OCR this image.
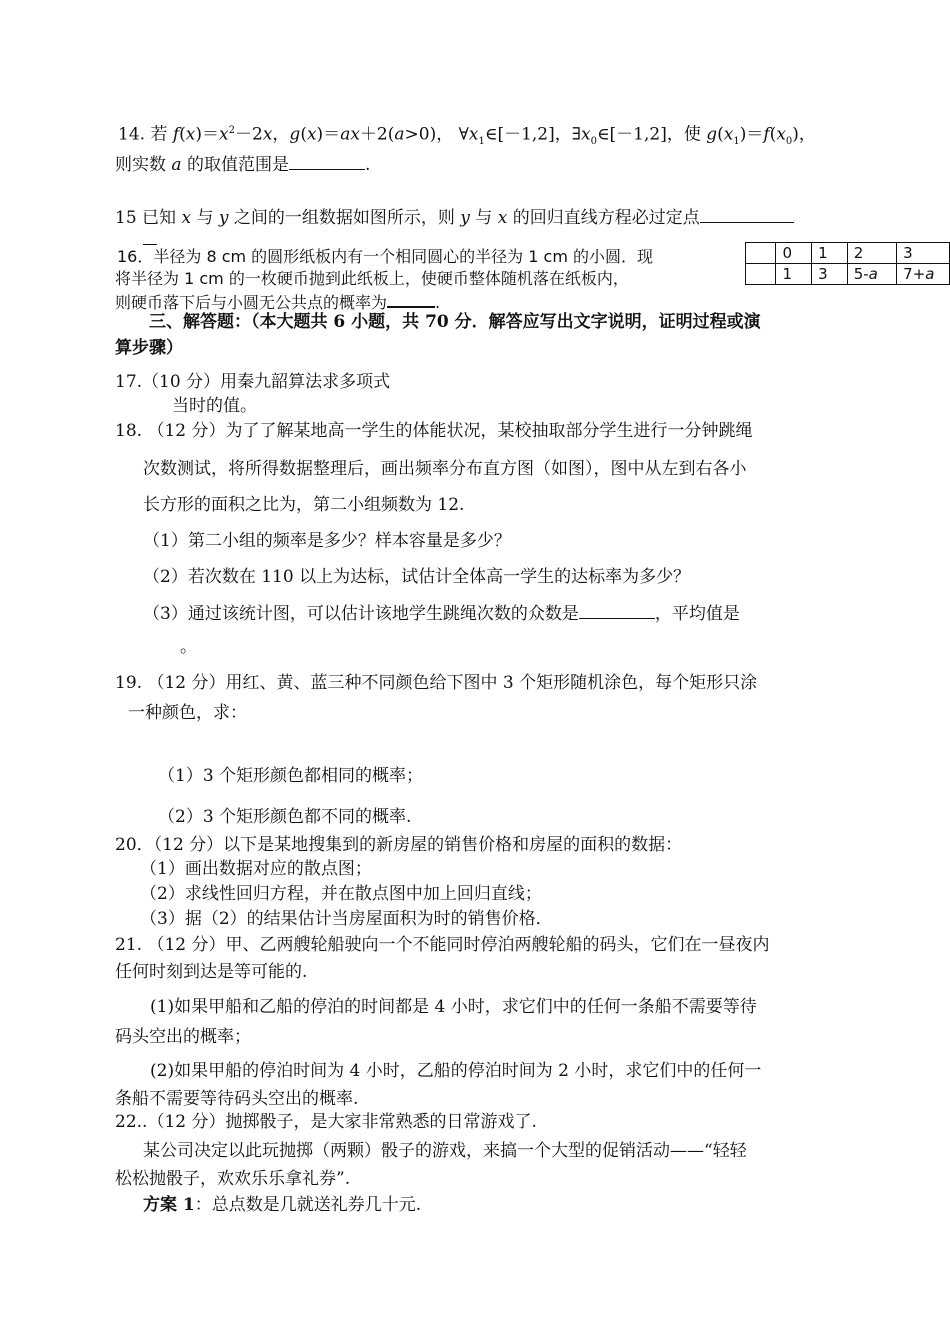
14. 若 $f(x)=x^2-2x$，g(x)＝ax＋2(a>0)， $\forall x_1\in[-1,2]$，$\exists x_0\in[-1,2]$，使 $g(x_1)=f(x_0)$，
则实数 a 的取值范围是	.
15 已知 x 与 y 之间的一组数据如图所示，则 y 与 x 的回归直线方程必过定点
	0	1	2	3
	1	3	5-a	7+a
16．半径为 8 cm 的圆形纸板内有一个相同圆心的半径为 1 cm 的小圆．现
将半径为 1 cm 的一枚硬币抛到此纸板上，使硬币整体随机落在纸板内，
则硬币落下后与小圆无公共点的概率为	.
三、解答题：（本大题共 6 小题，共 70 分．解答应写出文字说明，证明过程或演
算步骤）
17.（10 分）用秦九韶算法求多项式
当时的值。
18. （12 分）为了了解某地高一学生的体能状况，某校抽取部分学生进行一分钟跳绳
次数测试，将所得数据整理后，画出频率分布直方图（如图），图中从左到右各小
长方形的面积之比为，第二小组频数为 12.
（1）第二小组的频率是多少？样本容量是多少？
（2）若次数在 110 以上为达标，试估计全体高一学生的达标率为多少？
（3）通过该统计图，可以估计该地学生跳绳次数的众数是	，平均值是
。
19. （12 分）用红、黄、蓝三种不同颜色给下图中 3 个矩形随机涂色，每个矩形只涂
一种颜色，求：
（1）3 个矩形颜色都相同的概率；
（2）3 个矩形颜色都不同的概率.
20．（12 分）以下是某地搜集到的新房屋的销售价格和房屋的面积的数据：
（1）画出数据对应的散点图；
（2）求线性回归方程，并在散点图中加上回归直线；
（3）据（2）的结果估计当房屋面积为时的销售价格．
21. （12 分）甲、乙两艘轮船驶向一个不能同时停泊两艘轮船的码头，它们在一昼夜内
任何时刻到达是等可能的.
(1)如果甲船和乙船的停泊的时间都是 4 小时，求它们中的任何一条船不需要等待
码头空出的概率；
(2)如果甲船的停泊时间为 4 小时，乙船的停泊时间为 2 小时，求它们中的任何一
条船不需要等待码头空出的概率.
22..（12 分）抛掷骰子，是大家非常熟悉的日常游戏了.
某公司决定以此玩抛掷（两颗）骰子的游戏，来搞一个大型的促销活动——“轻轻
松松抛骰子，欢欢乐乐拿礼券”.
方案 1：总点数是几就送礼券几十元.
